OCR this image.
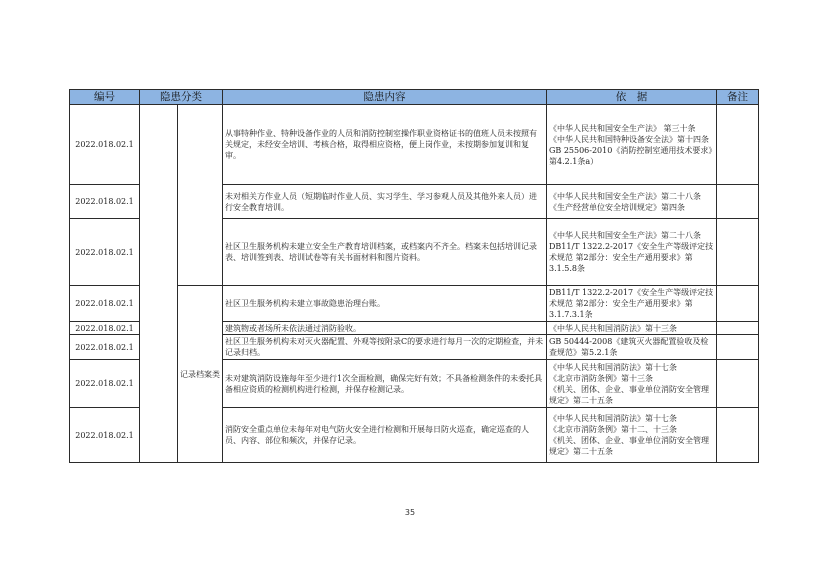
编号	隐患分类		隐患内容	依　据	备注
2022.018.02.1			从事特种作业、特种设备作业的人员和消防控制室操作职业资格证书的值班人员未按照有关规定，未经安全培训、考核合格，取得相应资格，便上岗作业，未按期参加复训和复审。	《中华人民共和国安全生产法》 第三十条
《中华人民共和国特种设备安全法》第十四条
GB 25506-2010《消防控制室通用技术要求》第4.2.1条a）	

2022.018.02.1			未对相关方作业人员（短期临时作业人员、实习学生、学习参观人员及其他外来人员）进行安全教育培训。	《中华人民共和国安全生产法》第二十八条
《生产经营单位安全培训规定》第四条	

2022.018.02.1			社区卫生服务机构未建立安全生产教育培训档案，或档案内不齐全。档案未包括培训记录表、培训签到表、培训试卷等有关书面材料和图片资料。	《中华人民共和国安全生产法》第二十八条
DB11/T 1322.2-2017《安全生产等级评定技术规范 第2部分：安全生产通用要求》第3.1.5.8条	

2022.018.02.1		记录档案类	社区卫生服务机构未建立事故隐患治理台账。	DB11/T 1322.2-2017《安全生产等级评定技术规范 第2部分：安全生产通用要求》第3.1.7.3.1条	

2022.018.02.1			建筑物或者场所未依法通过消防验收。	《中华人民共和国消防法》第十三条	

2022.018.02.1			社区卫生服务机构未对灭火器配置、外观等按附录C的要求进行每月一次的定期检查，并未记录归档。	GB 50444-2008《建筑灭火器配置验收及检查规范》第5.2.1条	

2022.018.02.1			未对建筑消防设施每年至少进行1次全面检测，确保完好有效；不具备检测条件的未委托具备相应资质的检测机构进行检测，并保存检测记录。	《中华人民共和国消防法》第十七条
《北京市消防条例》第十三条
《机关、团体、企业、事业单位消防安全管理规定》第二十五条	

2022.018.02.1			消防安全重点单位未每年对电气防火安全进行检测和开展每日防火巡查，确定巡查的人员、内容、部位和频次，并保存记录。	《中华人民共和国消防法》第十七条
《北京市消防条例》第十二、十三条
《机关、团体、企业、事业单位消防安全管理规定》第二十五条	

35
